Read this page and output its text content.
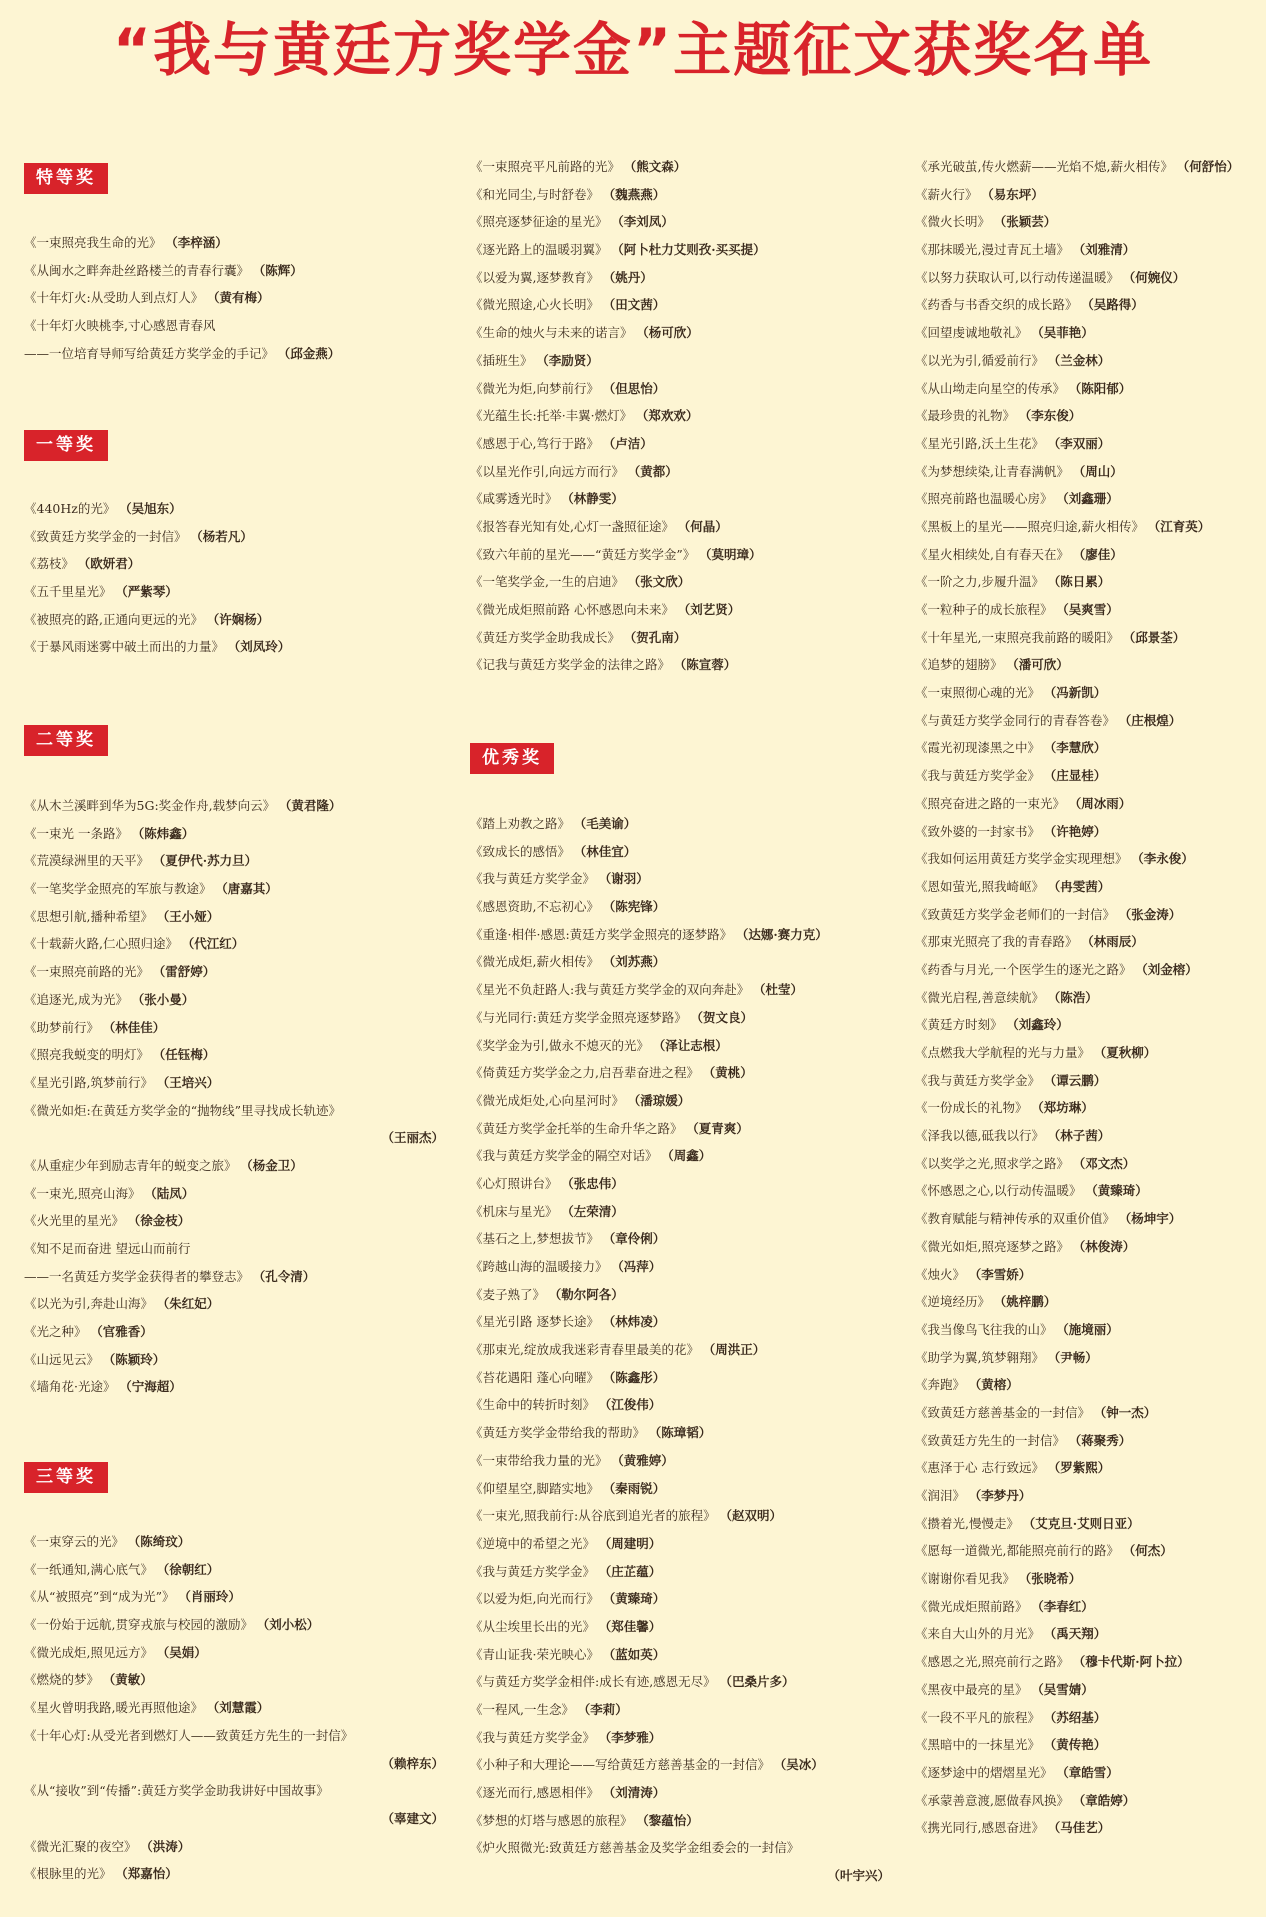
“我与黄廷方奖学金”主题征文获奖名单
特等奖
《一束照亮我生命的光》 （李梓涵）
《从闽水之畔奔赴丝路楼兰的青春行囊》 （陈辉）
《十年灯火:从受助人到点灯人》 （黄有梅）
《十年灯火映桃李,寸心感恩青春风
——一位培育导师写给黄廷方奖学金的手记》 （邱金燕）
一等奖
《440Hz的光》 （吴旭东）
《致黄廷方奖学金的一封信》 （杨若凡）
《荔枝》 （欧妍君）
《五千里星光》 （严紫琴）
《被照亮的路,正通向更远的光》 （许娴杨）
《于暴风雨迷雾中破土而出的力量》 （刘凤玲）
二等奖
《从木兰溪畔到华为5G:奖金作舟,载梦向云》 （黄君隆）
《一束光 一条路》 （陈炜鑫）
《荒漠绿洲里的天平》 （夏伊代·苏力旦）
《一笔奖学金照亮的军旅与教途》 （唐嘉其）
《思想引航,播种希望》 （王小娅）
《十载薪火路,仁心照归途》 （代江红）
《一束照亮前路的光》 （雷舒婷）
《追逐光,成为光》 （张小曼）
《助梦前行》 （林佳佳）
《照亮我蜕变的明灯》 （任钰梅）
《星光引路,筑梦前行》 （王培兴）
《微光如炬:在黄廷方奖学金的“抛物线”里寻找成长轨迹》
（王丽杰）
《从重症少年到励志青年的蜕变之旅》 （杨金卫）
《一束光,照亮山海》 （陆凤）
《火光里的星光》 （徐金枝）
《知不足而奋进 望远山而前行
——一名黄廷方奖学金获得者的攀登志》 （孔令清）
《以光为引,奔赴山海》 （朱红妃）
《光之种》 （官雅香）
《山远见云》 （陈颖玲）
《墙角花·光途》 （宁海超）
三等奖
《一束穿云的光》 （陈绮玟）
《一纸通知,满心底气》 （徐朝红）
《从“被照亮”到“成为光”》 （肖丽玲）
《一份始于远航,贯穿戎旅与校园的激励》 （刘小松）
《微光成炬,照见远方》 （吴娟）
《燃烧的梦》 （黄敏）
《星火曾明我路,暖光再照他途》 （刘慧霞）
《十年心灯:从受光者到燃灯人——致黄廷方先生的一封信》
（赖梓东）
《从“接收”到“传播”:黄廷方奖学金助我讲好中国故事》
（辜建文）
《微光汇聚的夜空》 （洪涛）
《根脉里的光》 （郑嘉怡）
《一束照亮平凡前路的光》 （熊文森）
《和光同尘,与时舒卷》 （魏燕燕）
《照亮逐梦征途的星光》 （李刘凤）
《逐光路上的温暖羽翼》 （阿卜杜力艾则孜·买买提）
《以爱为翼,逐梦教育》 （姚丹）
《微光照途,心火长明》 （田文茜）
《生命的烛火与未来的诺言》 （杨可欣）
《插班生》 （李励贤）
《微光为炬,向梦前行》 （但思怡）
《光蕴生长:托举·丰翼·燃灯》 （郑欢欢）
《感恩于心,笃行于路》 （卢洁）
《以星光作引,向远方而行》 （黄都）
《咸雾透光时》 （林静雯）
《报答春光知有处,心灯一盏照征途》 （何晶）
《致六年前的星光——“黄廷方奖学金”》 （莫明璋）
《一笔奖学金,一生的启迪》 （张文欣）
《微光成炬照前路 心怀感恩向未来》 （刘艺贤）
《黄廷方奖学金助我成长》 （贺孔南）
《记我与黄廷方奖学金的法律之路》 （陈宣蓉）
优秀奖
《踏上劝教之路》 （毛美谕）
《致成长的感悟》 （林佳宜）
《我与黄廷方奖学金》 （谢羽）
《感恩资助,不忘初心》 （陈宪锋）
《重逢·相伴·感恩:黄廷方奖学金照亮的逐梦路》 （达娜·赛力克）
《微光成炬,薪火相传》 （刘苏燕）
《星光不负赶路人:我与黄廷方奖学金的双向奔赴》 （杜莹）
《与光同行:黄廷方奖学金照亮逐梦路》 （贺文良）
《奖学金为引,做永不熄灭的光》 （泽让志根）
《倚黄廷方奖学金之力,启吾辈奋进之程》 （黄桃）
《微光成炬处,心向星河时》 （潘琼媛）
《黄廷方奖学金托举的生命升华之路》 （夏青爽）
《我与黄廷方奖学金的隔空对话》 （周鑫）
《心灯照讲台》 （张忠伟）
《机床与星光》 （左荣清）
《基石之上,梦想拔节》 （章伶俐）
《跨越山海的温暖接力》 （冯萍）
《麦子熟了》 （勒尔阿各）
《星光引路 逐梦长途》 （林炜凌）
《那束光,绽放成我迷彩青春里最美的花》 （周洪正）
《苔花遇阳 蓬心向曜》 （陈鑫彤）
《生命中的转折时刻》 （江俊伟）
《黄廷方奖学金带给我的帮助》 （陈璋韬）
《一束带给我力量的光》 （黄雅婷）
《仰望星空,脚踏实地》 （秦雨锐）
《一束光,照我前行:从谷底到追光者的旅程》 （赵双明）
《逆境中的希望之光》 （周建明）
《我与黄廷方奖学金》 （庄芷蕴）
《以爱为炬,向光而行》 （黄臻琦）
《从尘埃里长出的光》 （郑佳馨）
《青山证我·荣光映心》 （蓝如英）
《与黄廷方奖学金相伴:成长有迹,感恩无尽》 （巴桑片多）
《一程风,一生念》 （李莉）
《我与黄廷方奖学金》 （李梦雅）
《小种子和大理论——写给黄廷方慈善基金的一封信》 （吴冰）
《逐光而行,感恩相伴》 （刘清涛）
《梦想的灯塔与感恩的旅程》 （黎蕴怡）
《炉火照微光:致黄廷方慈善基金及奖学金组委会的一封信》
（叶宇兴）
《承光破茧,传火燃薪——光焰不熄,薪火相传》 （何舒怡）
《薪火行》 （易东坪）
《微火长明》 （张颖芸）
《那抹暖光,漫过青瓦土墙》 （刘雅清）
《以努力获取认可,以行动传递温暖》 （何婉仪）
《药香与书香交织的成长路》 （吴路得）
《回望虔诚地敬礼》 （吴菲艳）
《以光为引,循爱前行》 （兰金林）
《从山坳走向星空的传承》 （陈阳郁）
《最珍贵的礼物》 （李东俊）
《星光引路,沃土生花》 （李双丽）
《为梦想续染,让青春满帆》 （周山）
《照亮前路也温暖心房》 （刘鑫珊）
《黑板上的星光——照亮归途,薪火相传》 （江育英）
《星火相续处,自有春天在》 （廖佳）
《一阶之力,步履升温》 （陈日累）
《一粒种子的成长旅程》 （吴爽雪）
《十年星光,一束照亮我前路的暖阳》 （邱景荃）
《追梦的翅膀》 （潘可欣）
《一束照彻心魂的光》 （冯新凯）
《与黄廷方奖学金同行的青春答卷》 （庄根煌）
《霞光初现漆黑之中》 （李慧欣）
《我与黄廷方奖学金》 （庄显桂）
《照亮奋进之路的一束光》 （周冰雨）
《致外婆的一封家书》 （许艳婷）
《我如何运用黄廷方奖学金实现理想》 （李永俊）
《恩如萤光,照我崎岖》 （冉雯茜）
《致黄廷方奖学金老师们的一封信》 （张金涛）
《那束光照亮了我的青春路》 （林雨辰）
《药香与月光,一个医学生的逐光之路》 （刘金榕）
《微光启程,善意续航》 （陈浩）
《黄廷方时刻》 （刘鑫玲）
《点燃我大学航程的光与力量》 （夏秋柳）
《我与黄廷方奖学金》 （谭云鹏）
《一份成长的礼物》 （郑坊琳）
《泽我以德,砥我以行》 （林子茜）
《以奖学之光,照求学之路》 （邓文杰）
《怀感恩之心,以行动传温暖》 （黄臻琦）
《教育赋能与精神传承的双重价值》 （杨坤宇）
《微光如炬,照亮逐梦之路》 （林俊涛）
《烛火》 （李雪娇）
《逆境经历》 （姚梓鹏）
《我当像鸟飞往我的山》 （施境丽）
《助学为翼,筑梦翱翔》 （尹畅）
《奔跑》 （黄榕）
《致黄廷方慈善基金的一封信》 （钟一杰）
《致黄廷方先生的一封信》 （蒋聚秀）
《惠泽于心 志行致远》 （罗紫熙）
《润泪》 （李梦丹）
《攒着光,慢慢走》 （艾克旦·艾则日亚）
《愿每一道微光,都能照亮前行的路》 （何杰）
《谢谢你看见我》 （张晓希）
《微光成炬照前路》 （李春红）
《来自大山外的月光》 （禹天翔）
《感恩之光,照亮前行之路》 （穆卡代斯·阿卜拉）
《黑夜中最亮的星》 （吴雪婧）
《一段不平凡的旅程》 （苏绍基）
《黑暗中的一抹星光》 （黄传艳）
《逐梦途中的熠熠星光》 （章皓雪）
《承蒙善意渡,愿做春风换》 （章皓婷）
《携光同行,感恩奋进》 （马佳艺）
